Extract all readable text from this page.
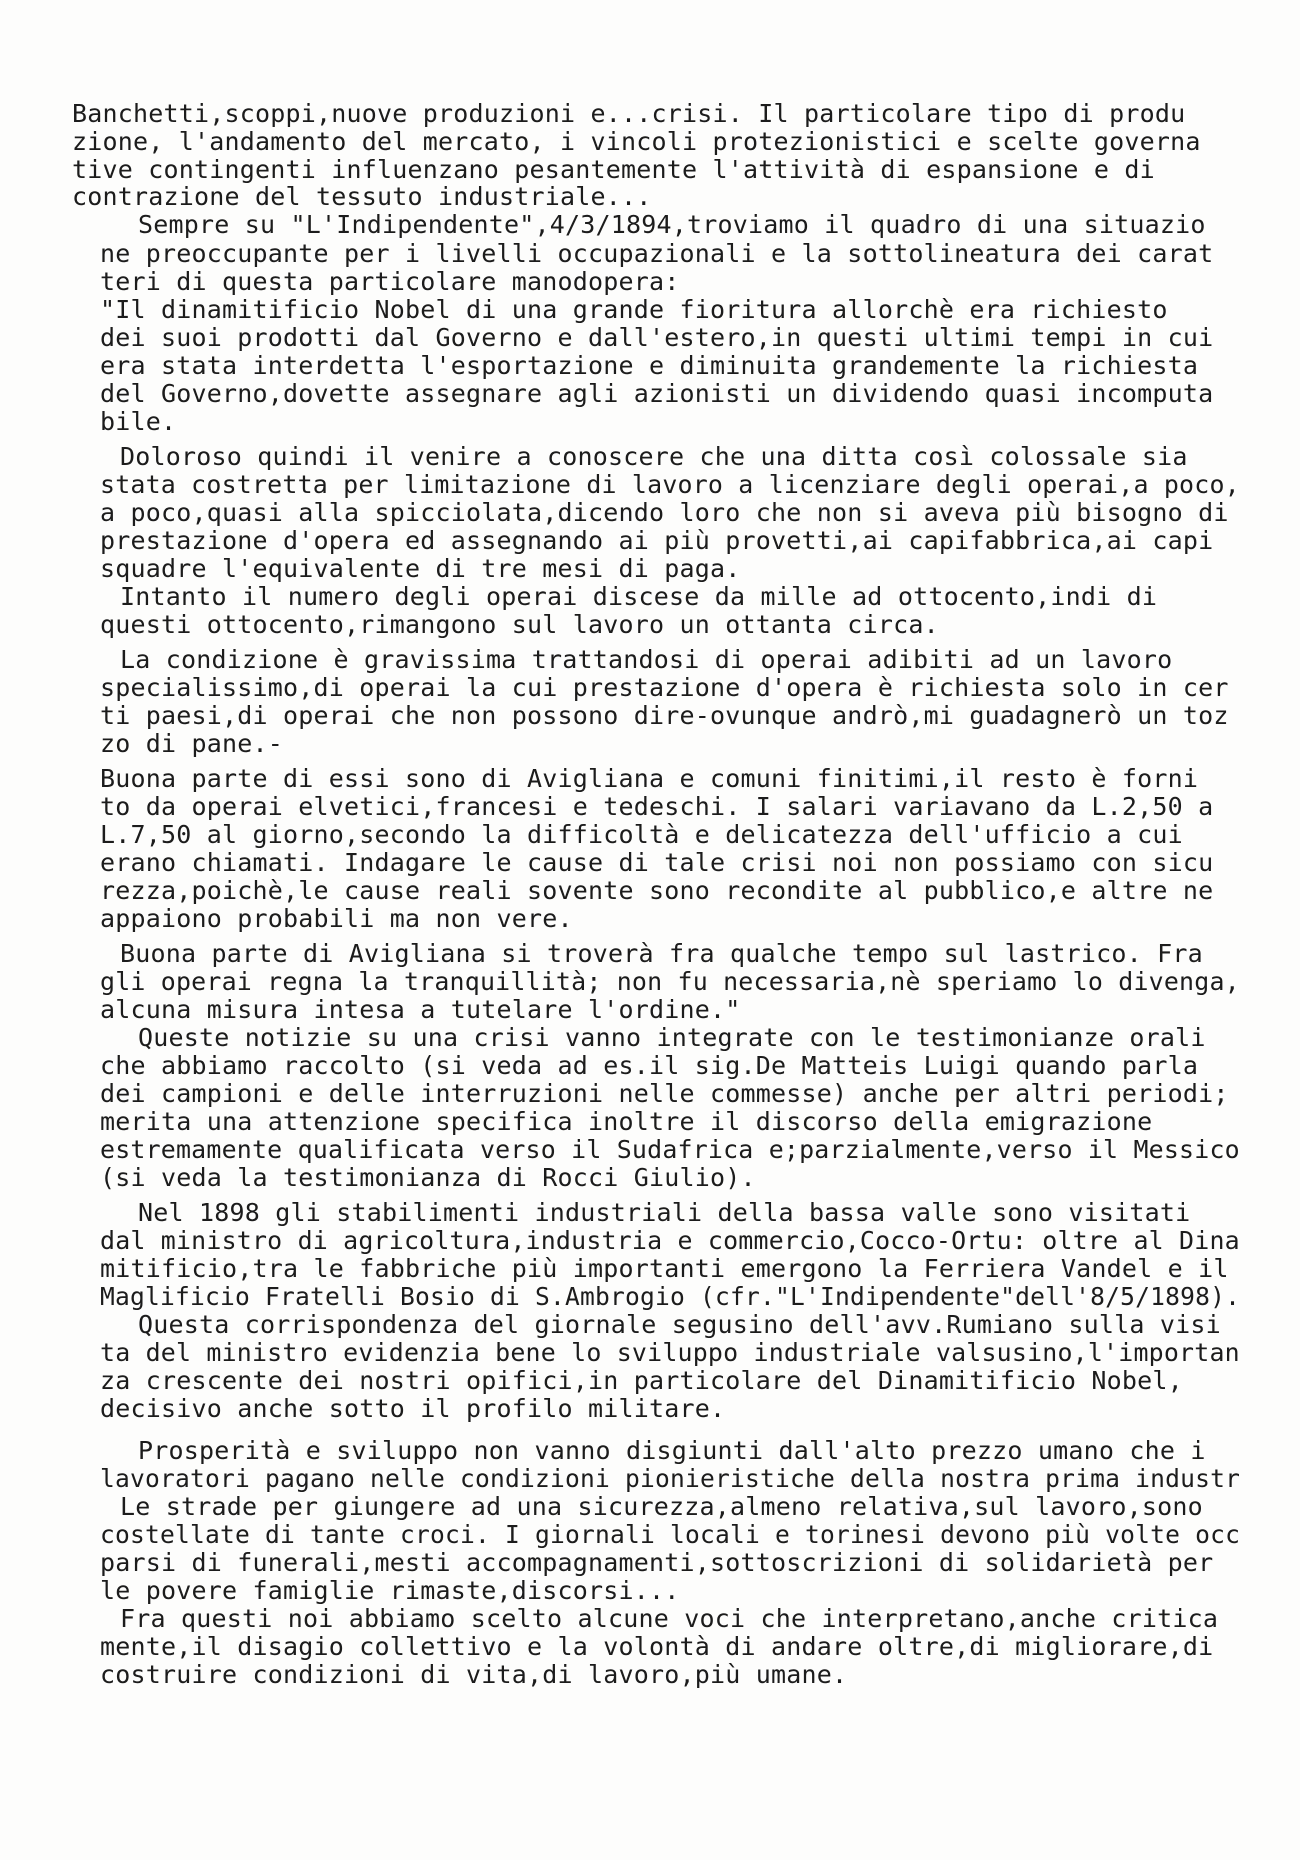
Banchetti,scoppi,nuove produzioni e...crisi. Il particolare tipo di produ
zione, l'andamento del mercato, i vincoli protezionistici e scelte governa
tive contingenti influenzano pesantemente l'attività di espansione e di
contrazione del tessuto industriale...
Sempre su "L'Indipendente",4/3/1894,troviamo il quadro di una situazio
ne preoccupante per i livelli occupazionali e la sottolineatura dei carat
teri di questa particolare manodopera:
"Il dinamitificio Nobel di una grande fioritura allorchè era richiesto
dei suoi prodotti dal Governo e dall'estero,in questi ultimi tempi in cui
era stata interdetta l'esportazione e diminuita grandemente la richiesta
del Governo,dovette assegnare agli azionisti un dividendo quasi incomputa
bile.
Doloroso quindi il venire a conoscere che una ditta così colossale sia
stata costretta per limitazione di lavoro a licenziare degli operai,a poco,
a poco,quasi alla spicciolata,dicendo loro che non si aveva più bisogno di
prestazione d'opera ed assegnando ai più provetti,ai capifabbrica,ai capi
squadre l'equivalente di tre mesi di paga.
Intanto il numero degli operai discese da mille ad ottocento,indi di
questi ottocento,rimangono sul lavoro un ottanta circa.
La condizione è gravissima trattandosi di operai adibiti ad un lavoro
specialissimo,di operai la cui prestazione d'opera è richiesta solo in cer
ti paesi,di operai che non possono dire-ovunque andrò,mi guadagnerò un toz
zo di pane.-
Buona parte di essi sono di Avigliana e comuni finitimi,il resto è forni
to da operai elvetici,francesi e tedeschi. I salari variavano da L.2,50 a
L.7,50 al giorno,secondo la difficoltà e delicatezza dell'ufficio a cui
erano chiamati. Indagare le cause di tale crisi noi non possiamo con sicu
rezza,poichè,le cause reali sovente sono recondite al pubblico,e altre ne
appaiono probabili ma non vere.
Buona parte di Avigliana si troverà fra qualche tempo sul lastrico. Fra
gli operai regna la tranquillità; non fu necessaria,nè speriamo lo divenga,
alcuna misura intesa a tutelare l'ordine."
Queste notizie su una crisi vanno integrate con le testimonianze orali
che abbiamo raccolto (si veda ad es.il sig.De Matteis Luigi quando parla
dei campioni e delle interruzioni nelle commesse) anche per altri periodi;
merita una attenzione specifica inoltre il discorso della emigrazione
estremamente qualificata verso il Sudafrica e;parzialmente,verso il Messico
(si veda la testimonianza di Rocci Giulio).
Nel 1898 gli stabilimenti industriali della bassa valle sono visitati
dal ministro di agricoltura,industria e commercio,Cocco-Ortu: oltre al Dina
mitificio,tra le fabbriche più importanti emergono la Ferriera Vandel e il
Maglificio Fratelli Bosio di S.Ambrogio (cfr."L'Indipendente"dell'8/5/1898).
Questa corrispondenza del giornale segusino dell'avv.Rumiano sulla visi
ta del ministro evidenzia bene lo sviluppo industriale valsusino,l'importan
za crescente dei nostri opifici,in particolare del Dinamitificio Nobel,
decisivo anche sotto il profilo militare.
Prosperità e sviluppo non vanno disgiunti dall'alto prezzo umano che i
lavoratori pagano nelle condizioni pionieristiche della nostra prima industr
Le strade per giungere ad una sicurezza,almeno relativa,sul lavoro,sono
costellate di tante croci. I giornali locali e torinesi devono più volte occ
parsi di funerali,mesti accompagnamenti,sottoscrizioni di solidarietà per
le povere famiglie rimaste,discorsi...
Fra questi noi abbiamo scelto alcune voci che interpretano,anche critica
mente,il disagio collettivo e la volontà di andare oltre,di migliorare,di
costruire condizioni di vita,di lavoro,più umane.
